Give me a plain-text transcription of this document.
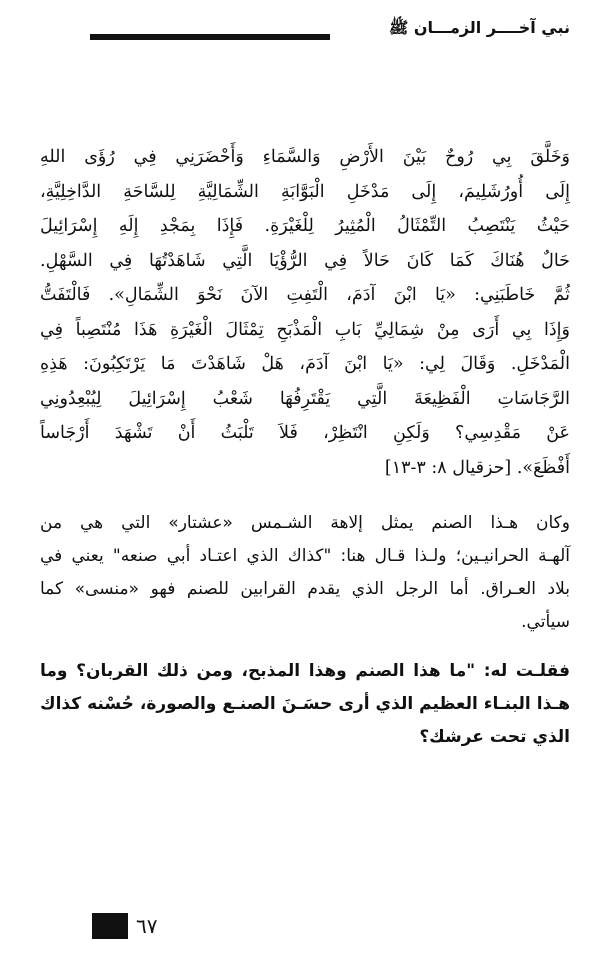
نبي آخــــر الزمـــان ﷺ
وَخَلَّقَ بِي رُوحٌ بَيْنَ الأَرْضِ وَالسَّمَاءِ وَأَحْضَرَنِي فِي رُؤَى اللهِ
إِلَى أُورُشَلِيمَ، إِلَى مَدْخَلِ الْبَوَّابَةِ الشِّمَالِيَّةِ لِلسَّاحَةِ الدَّاخِلِيَّةِ،
حَيْثُ يَنْتَصِبُ التِّمْثَالُ الْمُثِيرُ لِلْغَيْرَةِ. فَإِذَا بِمَجْدِ إِلَهِ إِسْرَائِيلَ
حَالٌ هُنَاكَ كَمَا كَانَ حَالاً فِي الرُّؤْيَا الَّتِي شَاهَدْتُهَا فِي السَّهْلِ.
ثُمَّ خَاطَبَنِي: «يَا ابْنَ آدَمَ، الْتَفِتِ الآنَ نَحْوَ الشِّمَالِ». فَالْتَفَتُّ
وَإِذَا بِي أَرَى مِنْ شِمَالِيِّ بَابِ الْمَذْبَحِ تِمْثَالَ الْغَيْرَةِ هَذَا مُنْتَصِباً فِي
الْمَدْخَلِ. وَقَالَ لِي: «يَا ابْنَ آدَمَ، هَلْ شَاهَدْتَ مَا يَرْتَكِبُونَ: هَذِهِ
الرَّجَاسَاتِ الْفَظِيعَةَ الَّتِي يَقْتَرِفُهَا شَعْبُ إِسْرَائِيلَ لِيُبْعِدُونِي
عَنْ مَقْدِسِي؟ وَلَكِنِ انْتَظِرْ، فَلاَ تَلْبَثُ أَنْ تَشْهَدَ أَرْجَاساً
أَفْظَعَ». [حزقيال ٨: ٣-١٣]
وكان هـذا الصنم يمثل إلاهة الشـمس «عشتار» التي هي من
آلهـة الحرانيـين؛ ولـذا قـال هنا: "كذاك الذي اعتـاد أبي صنعه" يعني في
بلاد العـراق. أما الرجل الذي يقدم القرابين للصنم فهو «منسى» كما
سيأتي.
فقلـت له: "ما هذا الصنم وهذا المذبح، ومن ذلك القربان؟ وما
هـذا البنـاء العظيم الذي أرى حسَـنَ الصنـع والصورة، حُسْنه كذاك
الذي تحت عرشك؟
٦٧
